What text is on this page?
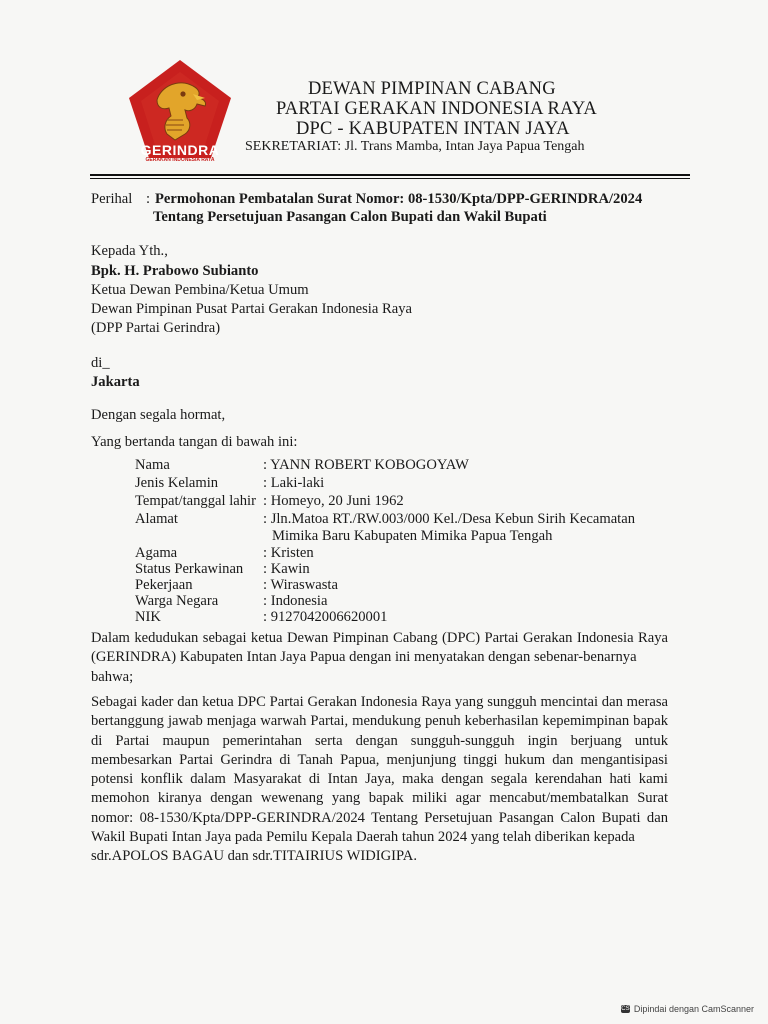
GERINDRA
GERAKAN INDONESIA RAYA
DEWAN PIMPINAN CABANG
PARTAI GERAKAN INDONESIA RAYA
DPC - KABUPATEN INTAN JAYA
SEKRETARIAT: Jl. Trans Mamba, Intan Jaya Papua Tengah
Perihal : Permohonan Pembatalan Surat Nomor: 08-1530/Kpta/DPP-GERINDRA/2024
Tentang Persetujuan Pasangan Calon Bupati dan Wakil Bupati
Kepada Yth.,
Bpk. H. Prabowo Subianto
Ketua Dewan Pembina/Ketua Umum
Dewan Pimpinan Pusat Partai Gerakan Indonesia Raya
(DPP Partai Gerindra)
di_
Jakarta
Dengan segala hormat,
Yang bertanda tangan di bawah ini:
Nama	: YANN ROBERT KOBOGOYAW
Jenis Kelamin	: Laki-laki
Tempat/tanggal lahir : Homeyo, 20 Juni 1962
Alamat	: Jln.Matoa RT./RW.003/000 Kel./Desa Kebun Sirih Kecamatan
Mimika Baru Kabupaten Mimika Papua Tengah
Agama	: Kristen
Status Perkawinan : Kawin
Pekerjaan	: Wiraswasta
Warga Negara	: Indonesia
NIK	: 9127042006620001
Dalam kedudukan sebagai ketua Dewan Pimpinan Cabang (DPC) Partai Gerakan Indonesia Raya (GERINDRA) Kabupaten Intan Jaya Papua dengan ini menyatakan dengan sebenar-benarnya
bahwa;
Sebagai kader dan ketua DPC Partai Gerakan Indonesia Raya yang sungguh mencintai dan merasa bertanggung jawab menjaga warwah Partai, mendukung penuh keberhasilan kepemimpinan bapak di Partai maupun pemerintahan serta dengan sungguh-sungguh ingin berjuang untuk membesarkan Partai Gerindra di Tanah Papua, menjunjung tinggi hukum dan mengantisipasi potensi konflik dalam Masyarakat di Intan Jaya, maka dengan segala kerendahan hati kami memohon kiranya dengan wewenang yang bapak miliki agar mencabut/membatalkan Surat nomor: 08-1530/Kpta/DPP-GERINDRA/2024 Tentang Persetujuan Pasangan Calon Bupati dan Wakil Bupati Intan Jaya pada Pemilu Kepala Daerah tahun 2024 yang telah diberikan kepada
sdr.APOLOS BAGAU dan sdr.TITAIRIUS WIDIGIPA.
CS Dipindai dengan CamScanner
